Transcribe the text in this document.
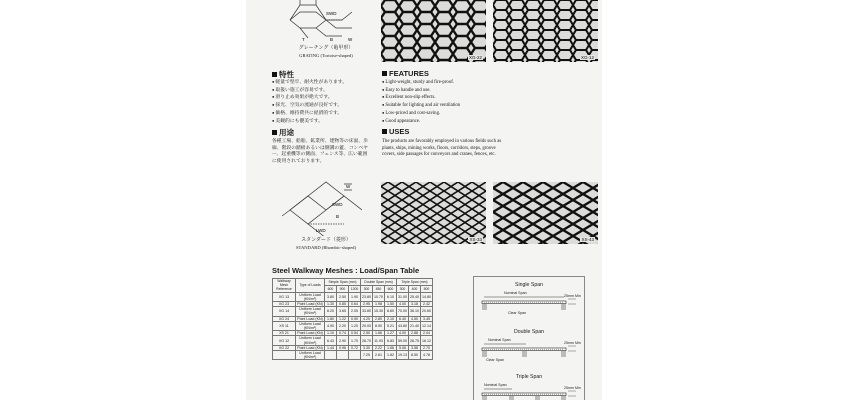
SWD
T	B	W
グレーチング（亀甲形）
GRATING (Tortoise-shaped)	XG-22	XG-12
特性
● 軽量で堅牢、耐火性があります。
● 取扱い施工が容易です。
● 滑り止め効果が絶大です。
● 採光、空気の流通が良好です。
● 価格、維持費共に経済的です。
● 美観的にも優美です。
FEATURES
● Light-weight, sturdy and fire-proof.
● Easy to handle and use.
● Excellent non-slip effects.
● Suitable for lighting and air ventilation
● Low-priced and cost-saving.
● Good appearance.
用途
各種工場、船舶、鉱業所、建物等の床面、歩廊、階段の踏板あるいは側溝の蓋、コンベヤー、起重機等の側面、フェンス等、広い範囲に使用されております。
USES
The products are favorably employed in various fields such as plants, ships, mining works, floors, corridors, steps, groove covers, side passages for conveyors and cranes, fences, etc.
W
SWD
B
LWD
スタンダード（菱形）
STANDARD (Rhombic-shaped)
XS-33	XS-43
Steel Walkway Meshes : Load/Span Table
Walkway Mesh Reference	Type of Loads	Simple Span (mm)			Double Span (mm)			Triple Span (mm)		
		600	900	1200	300	450	600	300	400	500
XG 13	Uniform Load (KN/m²)	3.80	2.50	1.90	23.80	10.70	6.10	31.00	25.40	14.80
XG 23	Point Load (KN)	1.30	0.85	0.64	2.95	1.98	1.50	4.00	3.18	2.42
XG 14	Uniform Load (KN/m²)	8.20	3.65	2.05	33.80	15.30	8.60	70.00	36.10	20.60
XG 24	Point Load (KN)	1.80	1.22	0.90	4.20	2.80	2.10	6.40	4.50	3.45
XS 11	Uniform Load (KN/m²)	4.90	2.20	1.20	20.00	8.90	5.21	43.80	21.40	12.14
XS 21	Point Load (KN)	1.10	0.74	0.54	2.50	1.66	1.27	4.00	2.88	2.04
XG 12	Uniform Load (KN/m²)	6.43	2.90	1.70	28.70	11.93	6.83	59.00	28.75	16.12
XG 22	Point Load (KN)	1.44	0.96	0.72	3.30	2.22	1.66	5.06	3.58	2.70
	Uniform Load (KN/m²)				7.25	2.61	1.82	19.13	8.50	4.78
Single Span
Nominal Span
25mm Min
Clear Span
Double Span
Nominal Span
25mm Min
Clear Span
Triple Span
Nominal Span
25mm Min
